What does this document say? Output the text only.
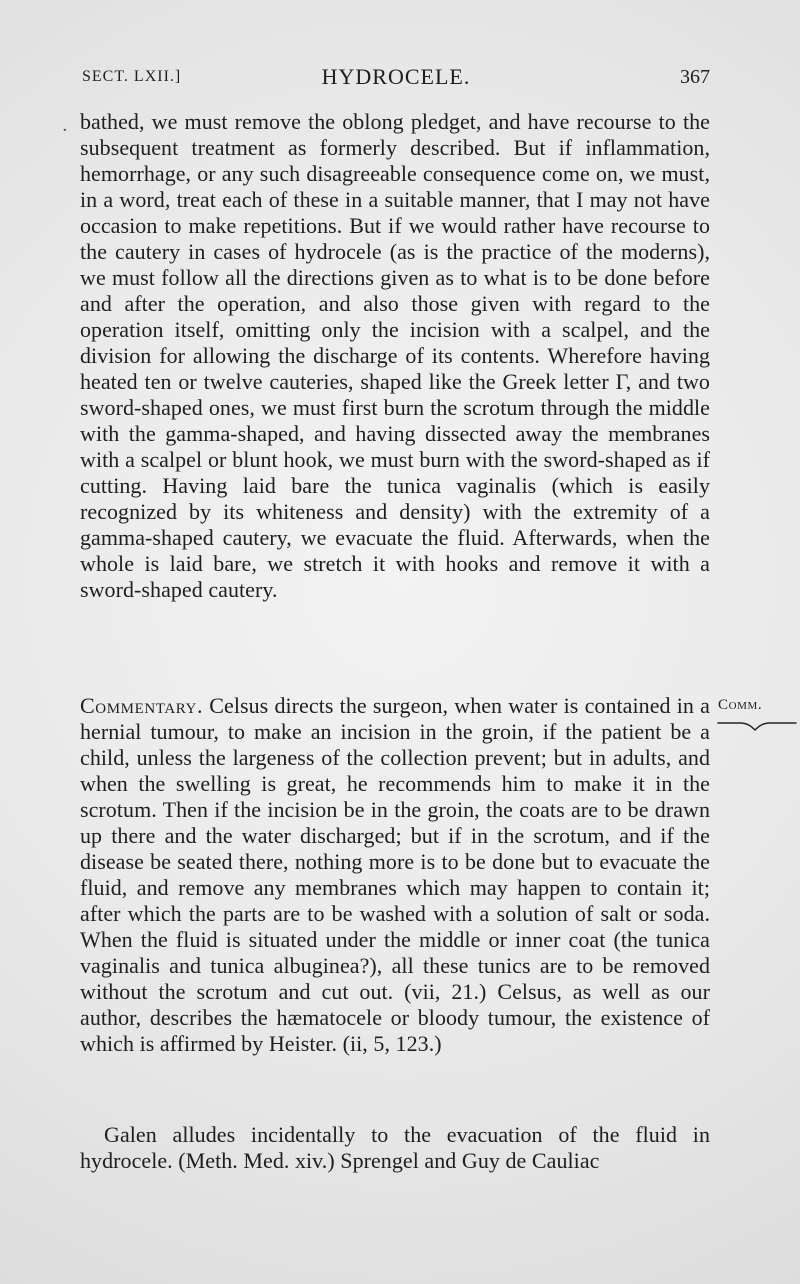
SECT. LXII.]	HYDROCELE.	367
· bathed, we must remove the oblong pledget, and have recourse to the subsequent treatment as formerly described. But if inflammation, hemorrhage, or any such disagreeable consequence come on, we must, in a word, treat each of these in a suitable manner, that I may not have occasion to make repetitions. But if we would rather have recourse to the cautery in cases of hydrocele (as is the practice of the moderns), we must follow all the directions given as to what is to be done before and after the operation, and also those given with regard to the operation itself, omitting only the incision with a scalpel, and the division for allowing the discharge of its contents. Wherefore having heated ten or twelve cauteries, shaped like the Greek letter Γ, and two sword-shaped ones, we must first burn the scrotum through the middle with the gamma-shaped, and having dissected away the membranes with a scalpel or blunt hook, we must burn with the sword-shaped as if cutting. Having laid bare the tunica vaginalis (which is easily recognized by its whiteness and density) with the extremity of a gamma-shaped cautery, we evacuate the fluid. Afterwards, when the whole is laid bare, we stretch it with hooks and remove it with a sword-shaped cautery.
Comm.
Commentary. Celsus directs the surgeon, when water is contained in a hernial tumour, to make an incision in the groin, if the patient be a child, unless the largeness of the collection prevent; but in adults, and when the swelling is great, he recommends him to make it in the scrotum. Then if the incision be in the groin, the coats are to be drawn up there and the water discharged; but if in the scrotum, and if the disease be seated there, nothing more is to be done but to evacuate the fluid, and remove any membranes which may happen to contain it; after which the parts are to be washed with a solution of salt or soda. When the fluid is situated under the middle or inner coat (the tunica vaginalis and tunica albuginea?), all these tunics are to be removed without the scrotum and cut out. (vii, 21.) Celsus, as well as our author, describes the hæmatocele or bloody tumour, the existence of which is affirmed by Heister. (ii, 5, 123.)
Galen alludes incidentally to the evacuation of the fluid in hydrocele. (Meth. Med. xiv.) Sprengel and Guy de Cauliac
